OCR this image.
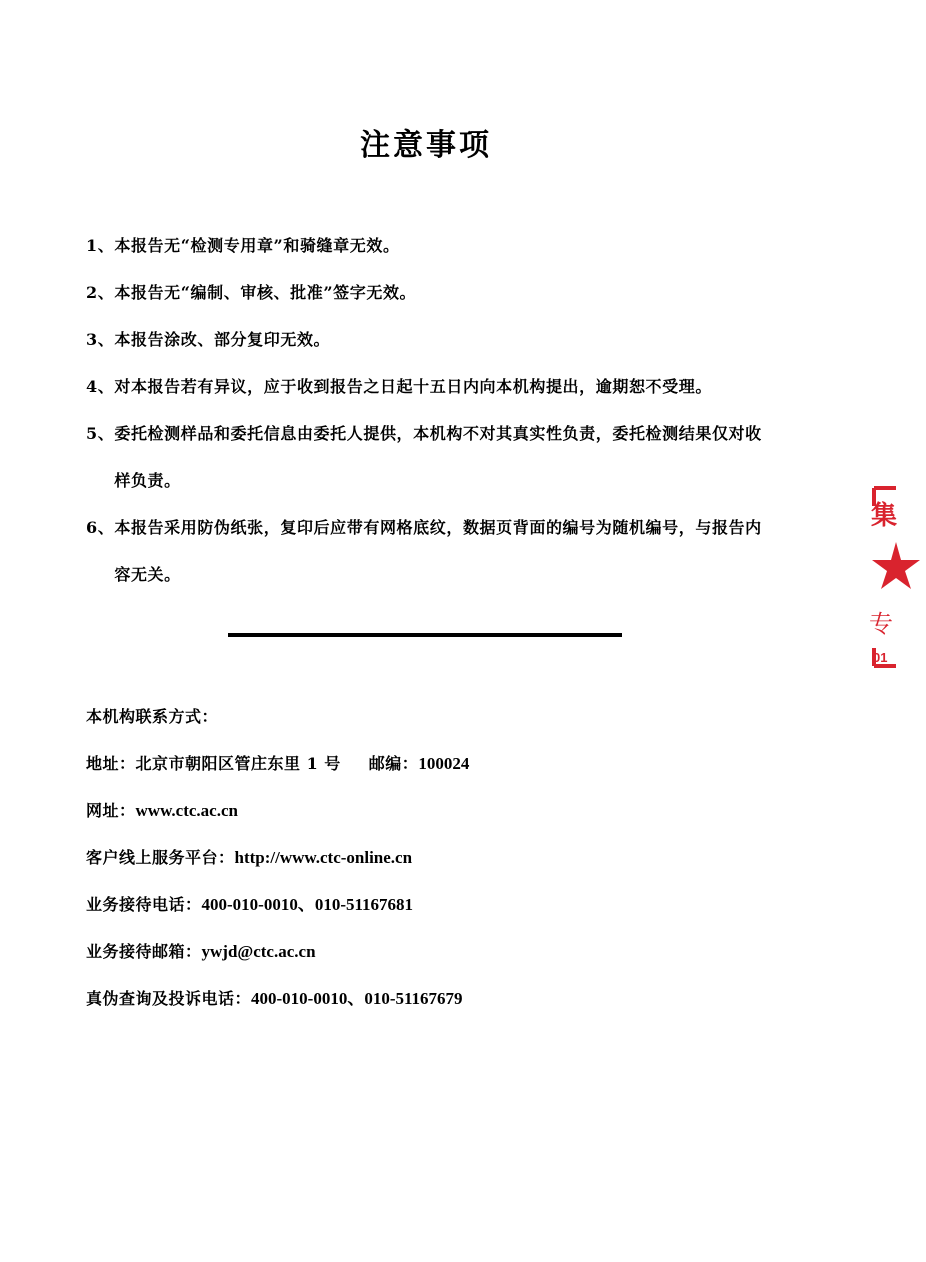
注意事项
1、 本报告无“检测专用章”和骑缝章无效。
2、 本报告无“编制、审核、批准”签字无效。
3、 本报告涂改、部分复印无效。
4、 对本报告若有异议，应于收到报告之日起十五日内向本机构提出，逾期恕不受理。
5、 委托检测样品和委托信息由委托人提供，本机构不对其真实性负责，委托检测结果仅对收样负责。
6、 本报告采用防伪纸张，复印后应带有网格底纹，数据页背面的编号为随机编号，与报告内容无关。
本机构联系方式：
地址：北京市朝阳区管庄东里 1 号 邮编：100024
网址：www.ctc.ac.cn
客户线上服务平台：http://www.ctc-online.cn
业务接待电话：400-010-0010、010-51167681
业务接待邮箱：ywjd@ctc.ac.cn
真伪查询及投诉电话：400-010-0010、010-51167679
集
专
01
